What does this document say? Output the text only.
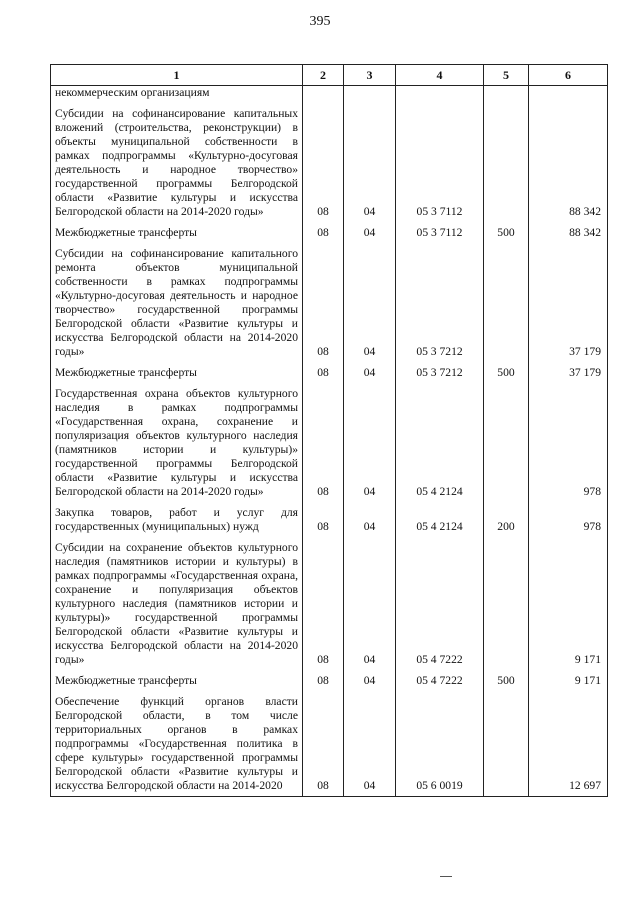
395
1	2	3	4	5	6
некоммерческим организациям					
Субсидии на софинансирование капитальных вложений (строительства, реконструкции) в объекты муниципальной собственности в рамках подпрограммы «Культурно-досуговая деятельность и народное творчество» государственной программы Белгородской области «Развитие культуры и искусства Белгородской области на 2014-2020 годы»	08	04	05 3 7112		88 342
Межбюджетные трансферты	08	04	05 3 7112	500	88 342
Субсидии на софинансирование капитального ремонта объектов муниципальной собственности в рамках подпрограммы «Культурно-досуговая деятельность и народное творчество» государственной программы Белгородской области «Развитие культуры и искусства Белгородской области на 2014-2020 годы»	08	04	05 3 7212		37 179
Межбюджетные трансферты	08	04	05 3 7212	500	37 179
Государственная охрана объектов культурного наследия в рамках подпрограммы «Государственная охрана, сохранение и популяризация объектов культурного наследия (памятников истории и культуры)» государственной программы Белгородской области «Развитие культуры и искусства Белгородской области на 2014-2020 годы»	08	04	05 4 2124		978
Закупка товаров, работ и услуг для государственных (муниципальных) нужд	08	04	05 4 2124	200	978
Субсидии на сохранение объектов культурного наследия (памятников истории и культуры) в рамках подпрограммы «Государственная охрана, сохранение и популяризация объектов культурного наследия (памятников истории и культуры)» государственной программы Белгородской области «Развитие культуры и искусства Белгородской области на 2014-2020 годы»	08	04	05 4 7222		9 171
Межбюджетные трансферты	08	04	05 4 7222	500	9 171
Обеспечение функций органов власти Белгородской области, в том числе территориальных органов в рамках подпрограммы «Государственная политика в сфере культуры» государственной программы Белгородской области «Развитие культуры и искусства Белгородской области на 2014-2020	08	04	05 6 0019		12 697
